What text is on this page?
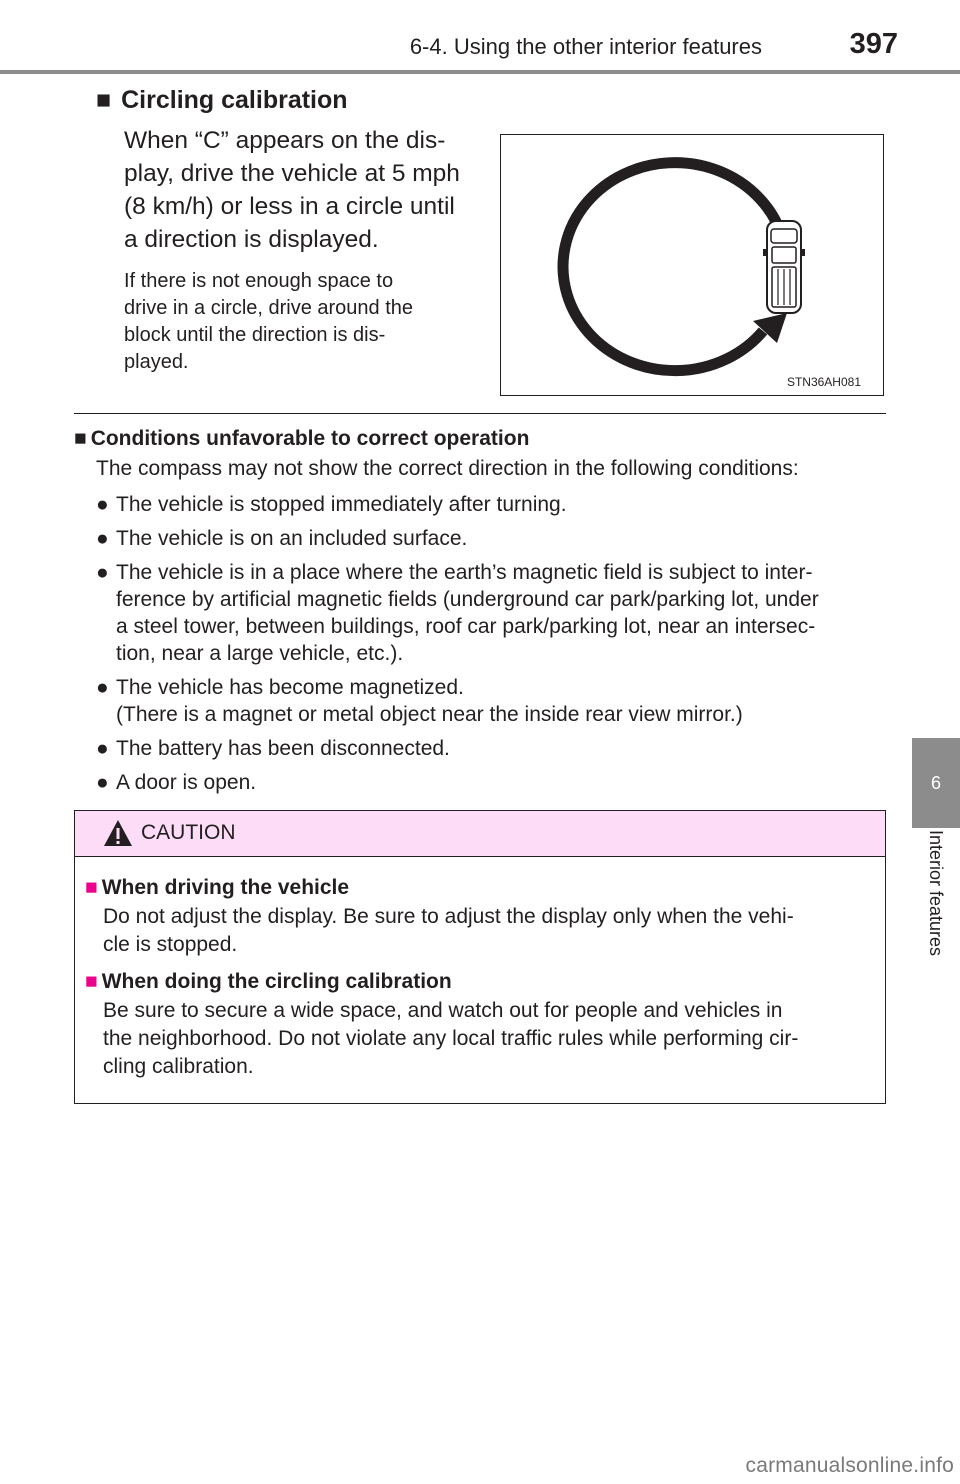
6-4. Using the other interior features	397
6
Interior features
■ Circling calibration
When “C” appears on the dis-
play, drive the vehicle at 5 mph
(8 km/h) or less in a circle until
a direction is displayed.
If there is not enough space to
drive in a circle, drive around the
block until the direction is dis-
played.
STN36AH081
■ Conditions unfavorable to correct operation
The compass may not show the correct direction in the following conditions:
● The vehicle is stopped immediately after turning.
● The vehicle is on an included surface.
● The vehicle is in a place where the earth’s magnetic field is subject to inter-
ference by artificial magnetic fields (underground car park/parking lot, under
a steel tower, between buildings, roof car park/parking lot, near an intersec-
tion, near a large vehicle, etc.).
● The vehicle has become magnetized.
(There is a magnet or metal object near the inside rear view mirror.)
● The battery has been disconnected.
● A door is open.
CAUTION
■ When driving the vehicle
Do not adjust the display. Be sure to adjust the display only when the vehi-
cle is stopped.
■ When doing the circling calibration
Be sure to secure a wide space, and watch out for people and vehicles in
the neighborhood. Do not violate any local traffic rules while performing cir-
cling calibration.
carmanualsonline.info
